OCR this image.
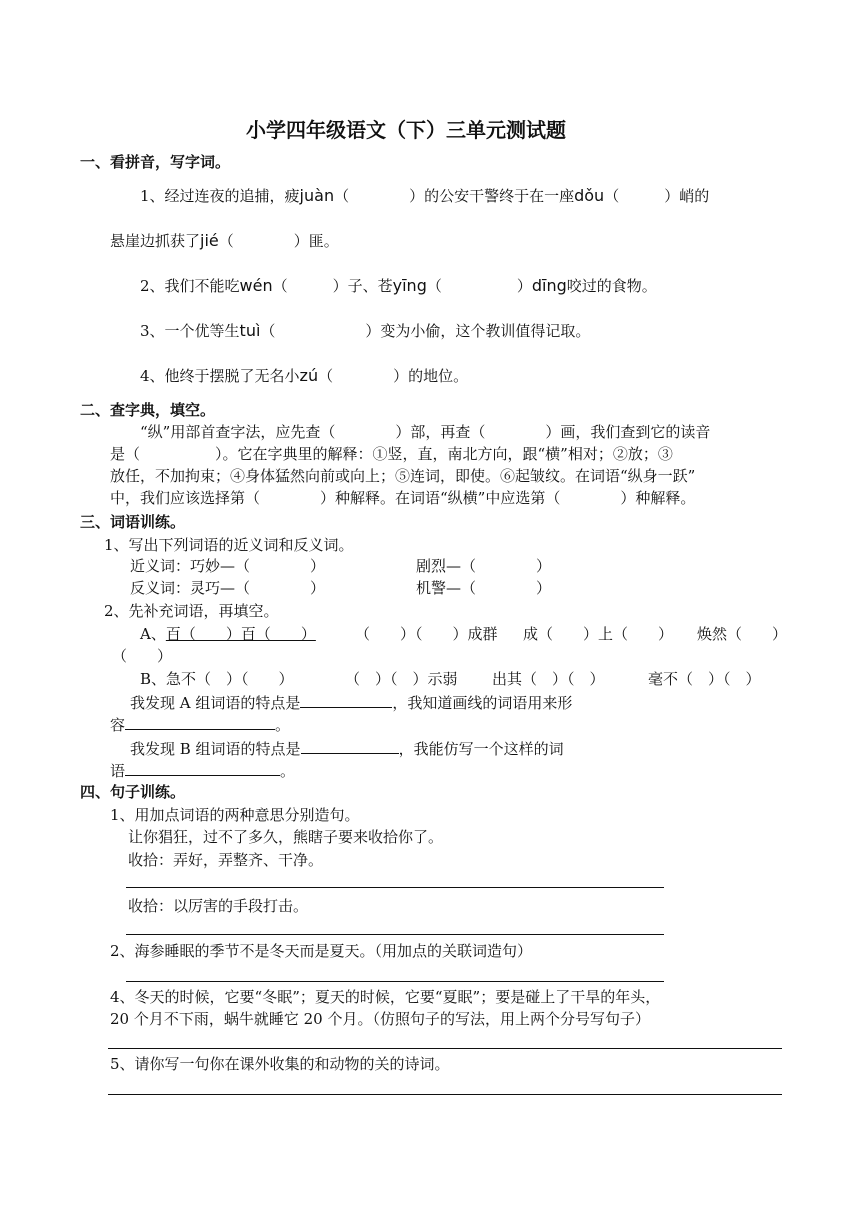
小学四年级语文（下）三单元测试题
一、看拼音，写字词。
1、经过连夜的追捕，疲juàn（　　　　）的公安干警终于在一座dǒu（　　　）峭的
悬崖边抓获了jié（　　　　）匪。
2、我们不能吃wén（　　　）子、苍yīng（　　　　　）dīng咬过的食物。
3、一个优等生tuì（　　　　　　）变为小偷，这个教训值得记取。
4、他终于摆脱了无名小zú（　　　　）的地位。
二、查字典，填空。
“纵”用部首查字法，应先查（　　　　）部，再查（　　　　）画，我们查到它的读音
是（　　　　　）。它在字典里的解释：①竖，直，南北方向，跟“横”相对；②放；③
放任，不加拘束；④身体猛然向前或向上；⑤连词，即使。⑥起皱纹。在词语“纵身一跃”
中，我们应该选择第（　　　　）种解释。在词语“纵横”中应选第（　　　　）种解释。
三、词语训练。
1、写出下列词语的近义词和反义词。
近义词：巧妙—（　　　　）	剧烈—（　　　　）
反义词：灵巧—（　　　　）	机警—（　　　　）
2、先补充词语，再填空。
A、百（　　）百（　　）	（　　）（　　）成群 成（　　）上（　　） 焕然（　　）
（　　）
B、急不（　）（　　）	（　）（　）示弱 出其（　）（　）	毫不（　）（　）
我发现 A 组词语的特点是	，我知道画线的词语用来形
容	。
我发现 B 组词语的特点是	，我能仿写一个这样的词
语	。
四、句子训练。
1、用加点词语的两种意思分别造句。
让你猖狂，过不了多久，熊瞎子要来收拾你了。
收拾：弄好，弄整齐、干净。
收拾：以厉害的手段打击。
2、海参睡眠的季节不是冬天而是夏天。（用加点的关联词造句）
4、冬天的时候，它要“冬眠”；夏天的时候，它要“夏眠”；要是碰上了干旱的年头，
20 个月不下雨，蜗牛就睡它 20 个月。（仿照句子的写法，用上两个分号写句子）
5、请你写一句你在课外收集的和动物的关的诗词。
